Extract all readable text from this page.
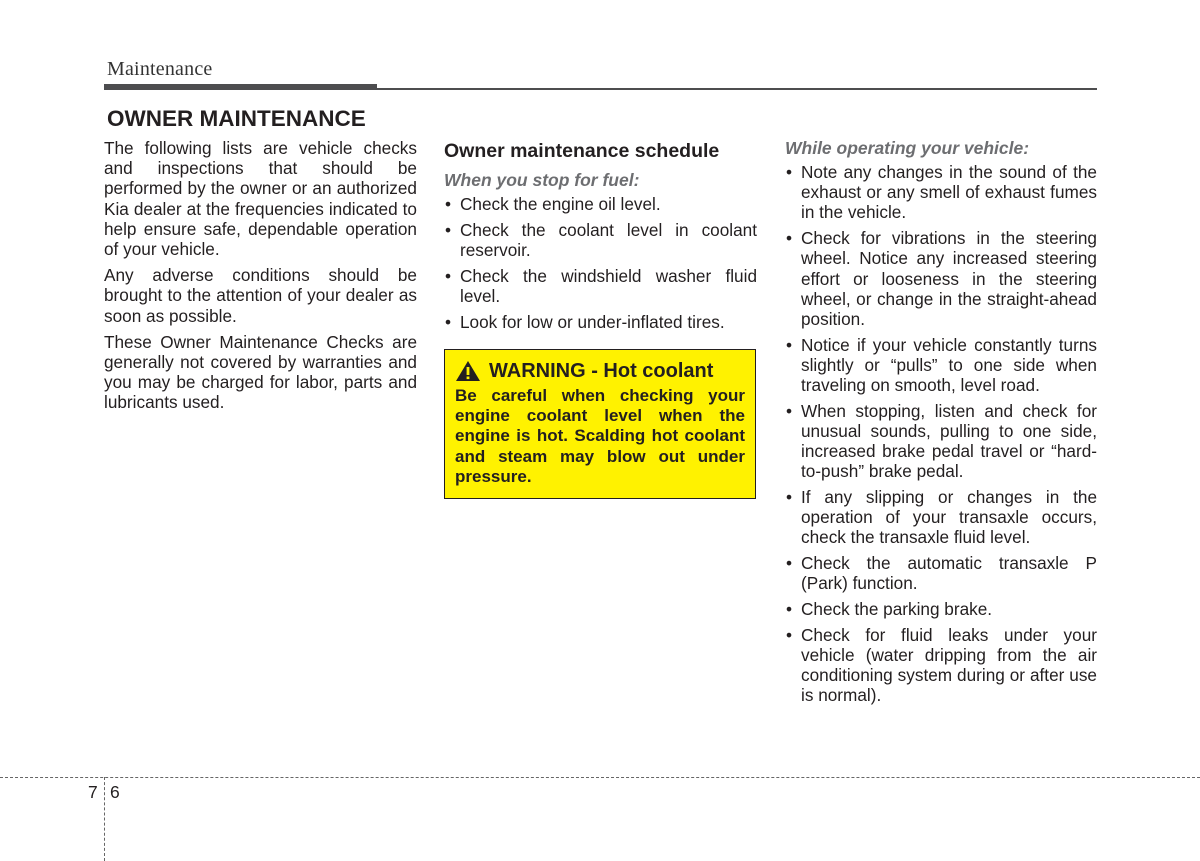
Maintenance
OWNER MAINTENANCE

The following lists are vehicle checks and inspections that should be performed by the owner or an authorized Kia dealer at the frequencies indicated to help ensure safe, dependable operation of your vehicle.

Any adverse conditions should be brought to the attention of your dealer as soon as possible.

These Owner Maintenance Checks are generally not covered by warranties and you may be charged for labor, parts and lubricants used.

Owner maintenance schedule
When you stop for fuel:
• Check the engine oil level.
• Check the coolant level in coolant reservoir.
• Check the windshield washer fluid level.
• Look for low or under-inflated tires.
WARNING - Hot coolant
Be careful when checking your engine coolant level when the engine is hot. Scalding hot coolant and steam may blow out under pressure.
While operating your vehicle:
• Note any changes in the sound of the exhaust or any smell of exhaust fumes in the vehicle.
• Check for vibrations in the steering wheel. Notice any increased steering effort or looseness in the steering wheel, or change in the straight-ahead position.
• Notice if your vehicle constantly turns slightly or “pulls” to one side when traveling on smooth, level road.
• When stopping, listen and check for unusual sounds, pulling to one side, increased brake pedal travel or “hard-to-push” brake pedal.
• If any slipping or changes in the operation of your transaxle occurs, check the transaxle fluid level.
• Check the automatic transaxle P (Park) function.
• Check the parking brake.
• Check for fluid leaks under your vehicle (water dripping from the air conditioning system during or after use is normal).
7 6
